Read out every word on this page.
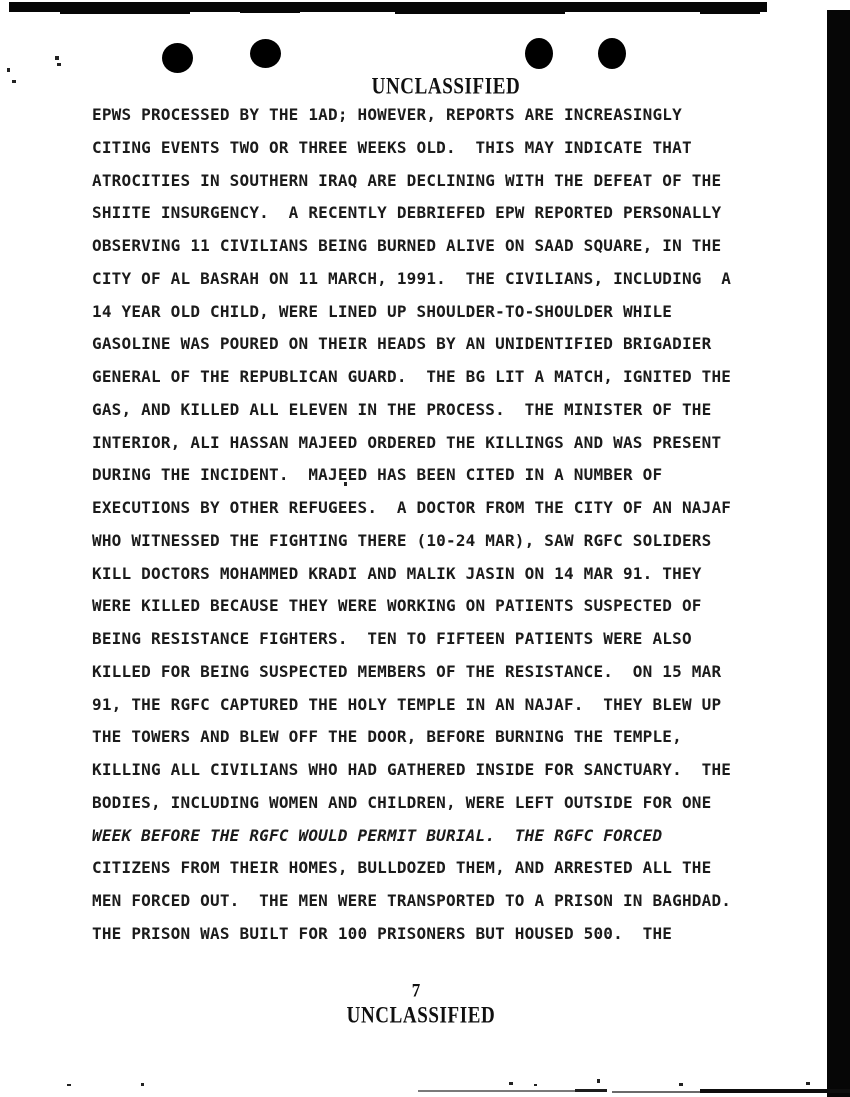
UNCLASSIFIED
EPWS PROCESSED BY THE 1AD; HOWEVER, REPORTS ARE INCREASINGLY
CITING EVENTS TWO OR THREE WEEKS OLD.  THIS MAY INDICATE THAT
ATROCITIES IN SOUTHERN IRAQ ARE DECLINING WITH THE DEFEAT OF THE
SHIITE INSURGENCY.  A RECENTLY DEBRIEFED EPW REPORTED PERSONALLY
OBSERVING 11 CIVILIANS BEING BURNED ALIVE ON SAAD SQUARE, IN THE
CITY OF AL BASRAH ON 11 MARCH, 1991.  THE CIVILIANS, INCLUDING  A
14 YEAR OLD CHILD, WERE LINED UP SHOULDER-TO-SHOULDER WHILE
GASOLINE WAS POURED ON THEIR HEADS BY AN UNIDENTIFIED BRIGADIER
GENERAL OF THE REPUBLICAN GUARD.  THE BG LIT A MATCH, IGNITED THE
GAS, AND KILLED ALL ELEVEN IN THE PROCESS.  THE MINISTER OF THE
INTERIOR, ALI HASSAN MAJEED ORDERED THE KILLINGS AND WAS PRESENT
DURING THE INCIDENT.  MAJEED HAS BEEN CITED IN A NUMBER OF
EXECUTIONS BY OTHER REFUGEES.  A DOCTOR FROM THE CITY OF AN NAJAF
WHO WITNESSED THE FIGHTING THERE (10-24 MAR), SAW RGFC SOLIDERS
KILL DOCTORS MOHAMMED KRADI AND MALIK JASIN ON 14 MAR 91. THEY
WERE KILLED BECAUSE THEY WERE WORKING ON PATIENTS SUSPECTED OF
BEING RESISTANCE FIGHTERS.  TEN TO FIFTEEN PATIENTS WERE ALSO
KILLED FOR BEING SUSPECTED MEMBERS OF THE RESISTANCE.  ON 15 MAR
91, THE RGFC CAPTURED THE HOLY TEMPLE IN AN NAJAF.  THEY BLEW UP
THE TOWERS AND BLEW OFF THE DOOR, BEFORE BURNING THE TEMPLE,
KILLING ALL CIVILIANS WHO HAD GATHERED INSIDE FOR SANCTUARY.  THE
BODIES, INCLUDING WOMEN AND CHILDREN, WERE LEFT OUTSIDE FOR ONE
WEEK BEFORE THE RGFC WOULD PERMIT BURIAL.  THE RGFC FORCED
CITIZENS FROM THEIR HOMES, BULLDOZED THEM, AND ARRESTED ALL THE
MEN FORCED OUT.  THE MEN WERE TRANSPORTED TO A PRISON IN BAGHDAD.
THE PRISON WAS BUILT FOR 100 PRISONERS BUT HOUSED 500.  THE
7
UNCLASSIFIED
